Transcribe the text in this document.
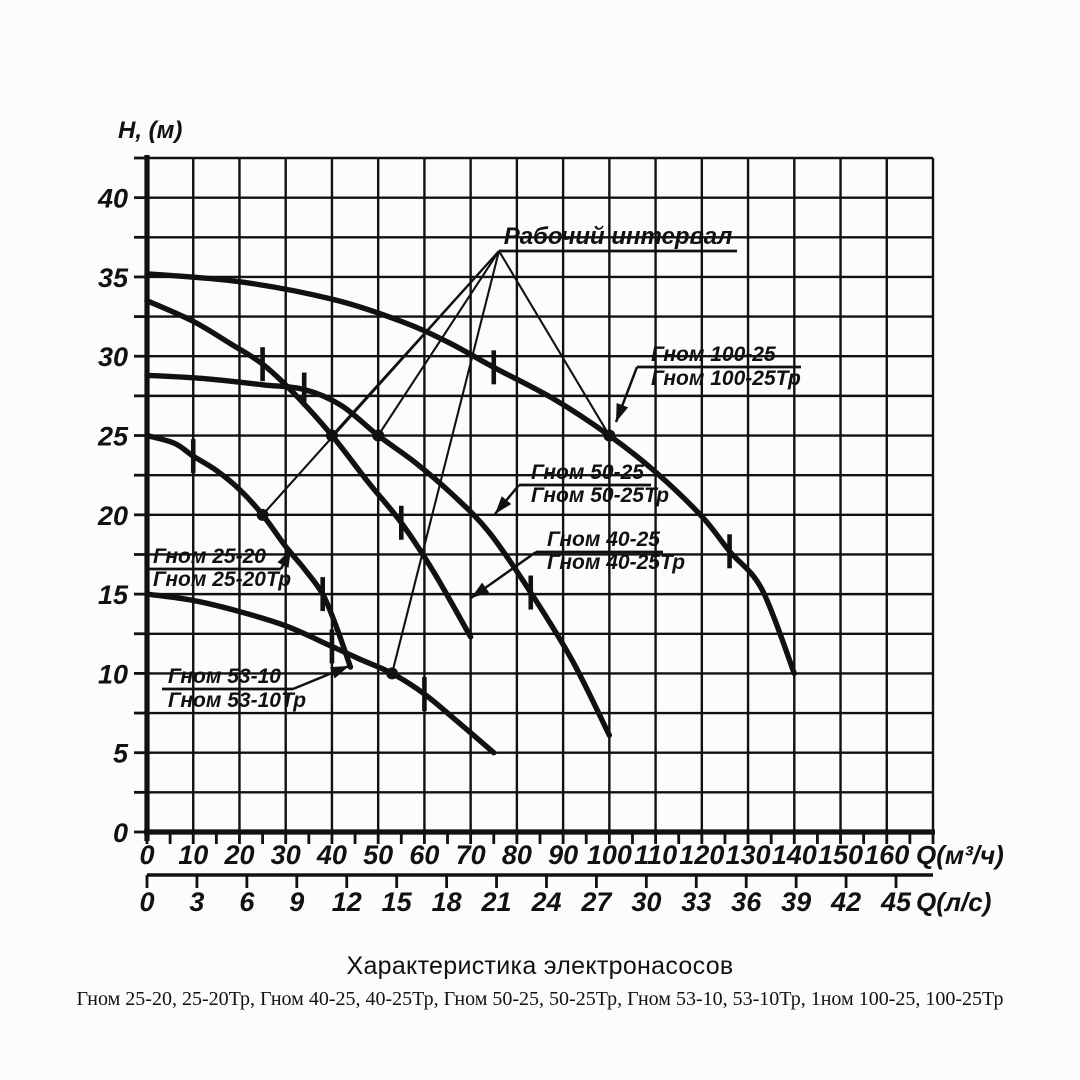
H, (м)
0
5
10
15
20
25
30
35
40
0 10 20 30 40 50 60 70 80 90 100 110 120 130 140 150 160 Q(м³/ч)
0 3 6 9 12 15 18 21 24 27 30 33 36 39 42 45 Q(л/с)
Рабочий интервал
Гном 25-20
Гном 25-20Тр
Гном 53-10
Гном 53-10Тр
Гном 50-25
Гном 50-25Тр
Гном 40-25
Гном 40-25Тр
Гном 100-25
Гном 100-25Тр
Характеристика электронасосов
Гном 25-20, 25-20Тр, Гном 40-25, 40-25Тр, Гном 50-25, 50-25Тр, Гном 53-10, 53-10Тр, 1ном 100-25, 100-25Тр
